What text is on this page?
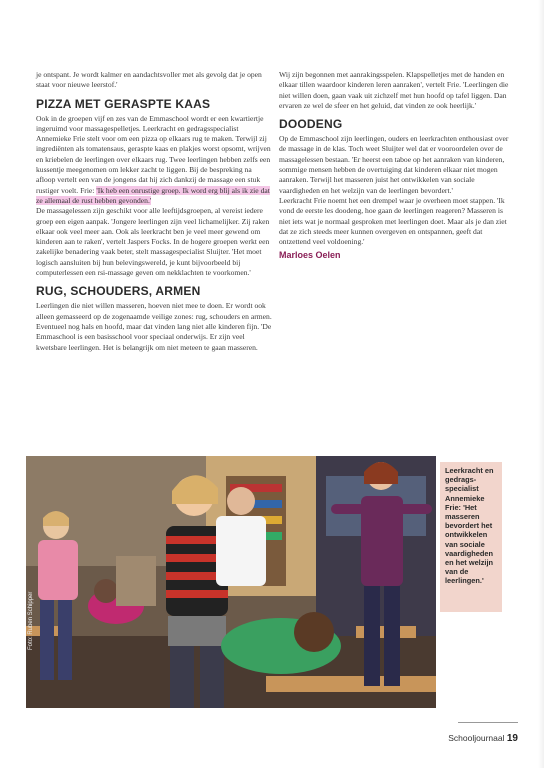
je ontspant. Je wordt kalmer en aandachtsvoller met als gevolg dat je open staat voor nieuwe leerstof.'

PIZZA MET GERASPTE KAAS

Ook in de groepen vijf en zes van de Emmaschool wordt er een kwartiertje ingeruimd voor massagespelletjes. Leerkracht en gedragsspecialist Annemieke Frie stelt voor om een pizza op elkaars rug te maken. Terwijl zij ingrediënten als tomatensaus, geraspte kaas en plakjes worst opsomt, wrijven en kriebelen de leerlingen over elkaars rug. Twee leerlingen hebben zelfs een kussentje meegenomen om lekker zacht te liggen. Bij de bespreking na afloop vertelt een van de jongens dat hij zich dankzij de massage een stuk rustiger voelt. Frie: 'Ik heb een onrustige groep. Ik word erg blij als ik zie dat ze allemaal de rust hebben gevonden.'

De massagelessen zijn geschikt voor alle leeftijdsgroepen, al vereist iedere groep een eigen aanpak. 'Jongere leerlingen zijn veel lichamelijker. Zij raken elkaar ook veel meer aan. Ook als leerkracht ben je veel meer gewend om kinderen aan te raken', vertelt Jaspers Focks. In de hogere groepen werkt een zakelijke benadering vaak beter, stelt massagespecialist Sluijter. 'Het moet logisch aansluiten bij hun belevingswereld, je kunt bijvoorbeeld bij computerlessen een rsi-massage geven om nekklachten te voorkomen.'

RUG, SCHOUDERS, ARMEN

Leerlingen die niet willen masseren, hoeven niet mee te doen. Er wordt ook alleen gemasseerd op de zogenaamde veilige zones: rug, schouders en armen. Eventueel nog hals en hoofd, maar dat vinden lang niet alle kinderen fijn. 'De Emmaschool is een basisschool voor speciaal onderwijs. Er zijn veel kwetsbare leerlingen. Het is belangrijk om niet meteen te gaan masseren.

Wij zijn begonnen met aanrakingsspelen. Klapspelletjes met de handen en elkaar tillen waardoor kinderen leren aanraken', vertelt Frie. 'Leerlingen die niet willen doen, gaan vaak uit zichzelf met hun hoofd op tafel liggen. Dan ervaren ze wel de sfeer en het geluid, dat vinden ze ook heerlijk.'

DOODENG

Op de Emmaschool zijn leerlingen, ouders en leerkrachten enthousiast over de massage in de klas. Toch weet Sluijter wel dat er vooroordelen over de massagelessen bestaan. 'Er heerst een taboe op het aanraken van kinderen, sommige mensen hebben de overtuiging dat kinderen elkaar niet mogen aanraken. Terwijl het masseren juist het ontwikkelen van sociale vaardigheden en het welzijn van de leerlingen bevordert.'

Leerkracht Frie noemt het een drempel waar je overheen moet stappen. 'Ik vond de eerste les doodeng, hoe gaan de leerlingen reageren? Masseren is niet iets wat je normaal gesproken met leerlingen doet. Maar als je dan ziet dat ze zich steeds meer kunnen overgeven en ontspannen, geeft dat ontzettend veel voldoening.'

Marloes Oelen
Foto: Ruben Schipper
Leerkracht en gedrags-specialist Annemieke Frie: 'Het masseren bevordert het ontwikkelen van sociale vaardigheden en het welzijn van de leerlingen.'
Schooljournaal 19
